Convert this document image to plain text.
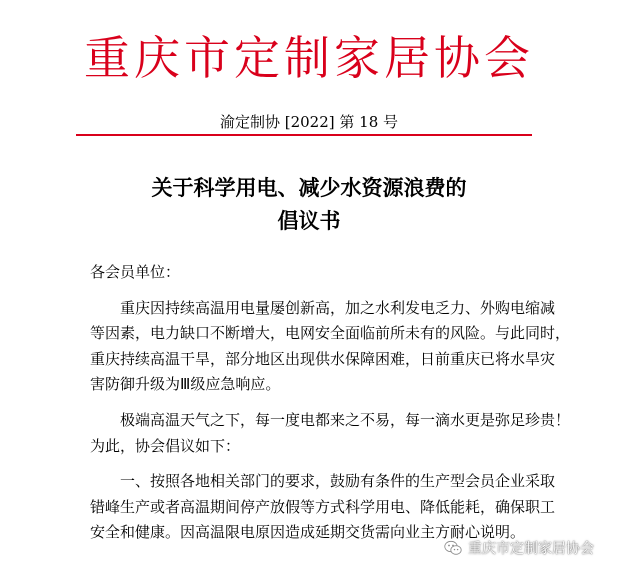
重庆市定制家居协会
渝定制协 [2022] 第 18 号
关于科学用电、减少水资源浪费的
倡议书

各会员单位：

重庆因持续高温用电量屡创新高，加之水利发电乏力、外购电缩减

等因素，电力缺口不断增大，电网安全面临前所未有的风险。与此同时，

重庆持续高温干旱，部分地区出现供水保障困难，日前重庆已将水旱灾

害防御升级为Ⅲ级应急响应。

极端高温天气之下，每一度电都来之不易，每一滴水更是弥足珍贵！

为此，协会倡议如下：

一、按照各地相关部门的要求，鼓励有条件的生产型会员企业采取

错峰生产或者高温期间停产放假等方式科学用电、降低能耗，确保职工

安全和健康。因高温限电原因造成延期交货需向业主方耐心说明。

重庆市定制家居协会
